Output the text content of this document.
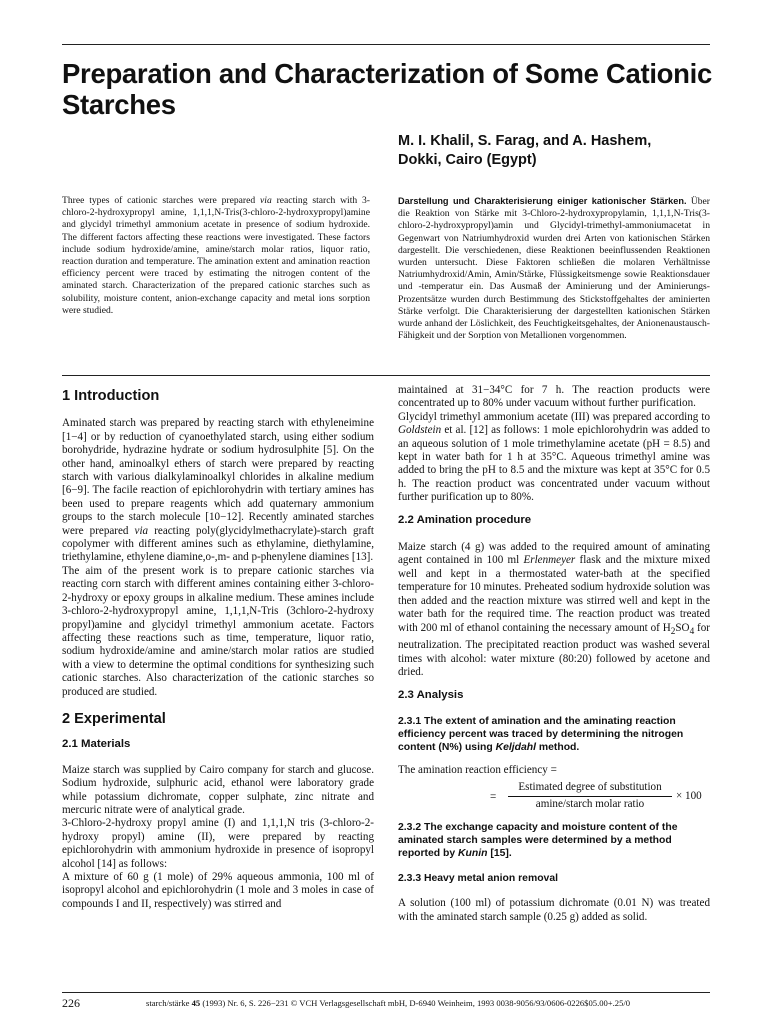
Preparation and Characterization of Some Cationic Starches
M. I. Khalil, S. Farag, and A. Hashem,
Dokki, Cairo (Egypt)

Three types of cationic starches were prepared via reacting starch with 3-chloro-2-hydroxypropyl amine, 1,1,1,N-Tris(3-chloro-2-hydroxypropyl)amine and glycidyl trimethyl ammonium acetate in presence of sodium hydroxide. The different factors affecting these reactions were investigated. These factors include sodium hydroxide/amine, amine/starch molar ratios, liquor ratio, reaction duration and temperature. The amination extent and amination reaction efficiency percent were traced by estimating the nitrogen content of the aminated starch. Characterization of the prepared cationic starches such as solubility, moisture content, anion-exchange capacity and metal ions sorption were studied.

Darstellung und Charakterisierung einiger kationischer Stärken. Über die Reaktion von Stärke mit 3-Chloro-2-hydroxypropylamin, 1,1,1,N-Tris(3-chloro-2-hydroxypropyl)amin und Glycidyl-trimethyl-ammoniumacetat in Gegenwart von Natriumhydroxid wurden drei Arten von kationischen Stärken dargestellt. Die verschiedenen, diese Reaktionen beeinflussenden Reaktionen wurden untersucht. Diese Faktoren schließen die molaren Verhältnisse Natriumhydroxid/Amin, Amin/Stärke, Flüssigkeitsmenge sowie Reaktionsdauer und -temperatur ein. Das Ausmaß der Aminierung und der Aminierungs-Prozentsätze wurden durch Bestimmung des Stickstoffgehaltes der aminierten Stärke verfolgt. Die Charakterisierung der dargestellten kationischen Stärken wurde anhand der Löslichkeit, des Feuchtigkeitsgehaltes, der Anionenaustausch-Fähigkeit und der Sorption von Metallionen vorgenommen.

1 Introduction

Aminated starch was prepared by reacting starch with ethyleneimine [1−4] or by reduction of cyanoethylated starch, using either sodium borohydride, hydrazine hydrate or sodium hydrosulphite [5]. On the other hand, aminoalkyl ethers of starch were prepared by reacting starch with various dialkylaminoalkyl chlorides in alkaline medium [6−9]. The facile reaction of epichlorohydrin with tertiary amines has been used to prepare reagents which add quaternary ammonium groups to the starch molecule [10−12]. Recently aminated starches were prepared via reacting poly(glycidylmethacrylate)-starch graft copolymer with different amines such as ethylamine, diethylamine, triethylamine, ethylene diamine,o-,m- and p-phenylene diamines [13].

The aim of the present work is to prepare cationic starches via reacting corn starch with different amines containing either 3-chloro-2-hydroxy or epoxy groups in alkaline medium. These amines include 3-chloro-2-hydroxypropyl amine, 1,1,1,N-Tris (3chloro-2-hydroxy propyl)amine and glycidyl trimethyl ammonium acetate. Factors affecting these reactions such as time, temperature, liquor ratio, sodium hydroxide/amine and amine/starch molar ratios are studied with a view to determine the optimal conditions for synthesizing such cationic starches. Also characterization of the cationic starches so produced are studied.

2 Experimental
2.1 Materials

Maize starch was supplied by Cairo company for starch and glucose. Sodium hydroxide, sulphuric acid, ethanol were laboratory grade while potassium dichromate, copper sulphate, zinc nitrate and mercuric nitrate were of analytical grade.

3-Chloro-2-hydroxy propyl amine (I) and 1,1,1,N tris (3-chloro-2-hydroxy propyl) amine (II), were prepared by reacting epichlorohydrin with ammonium hydroxide in presence of isopropyl alcohol [14] as follows:

A mixture of 60 g (1 mole) of 29% aqueous ammonia, 100 ml of isopropyl alcohol and epichlorohydrin (1 mole and 3 moles in case of compounds I and II, respectively) was stirred and

maintained at 31−34°C for 7 h. The reaction products were concentrated up to 80% under vacuum without further purification.

Glycidyl trimethyl ammonium acetate (III) was prepared according to Goldstein et al. [12] as follows: 1 mole epichlorohydrin was added to an aqueous solution of 1 mole trimethylamine acetate (pH = 8.5) and kept in water bath for 1 h at 35°C. Aqueous trimethyl amine was added to bring the pH to 8.5 and the mixture was kept at 35°C for 0.5 h. The reaction product was concentrated under vacuum without further purification up to 80%.

2.2 Amination procedure

Maize starch (4 g) was added to the required amount of aminating agent contained in 100 ml Erlenmeyer flask and the mixture mixed well and kept in a thermostated water-bath at the specified temperature for 10 minutes. Preheated sodium hydroxide solution was then added and the reaction mixture was stirred well and kept in the water bath for the required time. The reaction product was treated with 200 ml of ethanol containing the necessary amount of $H_2SO_4$ for neutralization. The precipitated reaction product was washed several times with alcohol: water mixture (80:20) followed by acetone and dried.

2.3 Analysis

2.3.1 The extent of amination and the aminating reaction efficiency percent was traced by determining the nitrogen content (N%) using Keljdahl method.

The amination reaction efficiency =

=
Estimated degree of substitution
amine/starch molar ratio
× 100

2.3.2 The exchange capacity and moisture content of the aminated starch samples were determined by a method reported by Kunin [15].

2.3.3 Heavy metal anion removal

A solution (100 ml) of potassium dichromate (0.01 N) was treated with the aminated starch sample (0.25 g) added as solid.

226	starch/stärke 45 (1993) Nr. 6, S. 226−231 © VCH Verlagsgesellschaft mbH, D-6940 Weinheim, 1993 0038-9056/93/0606-0226$05.00+.25/0
